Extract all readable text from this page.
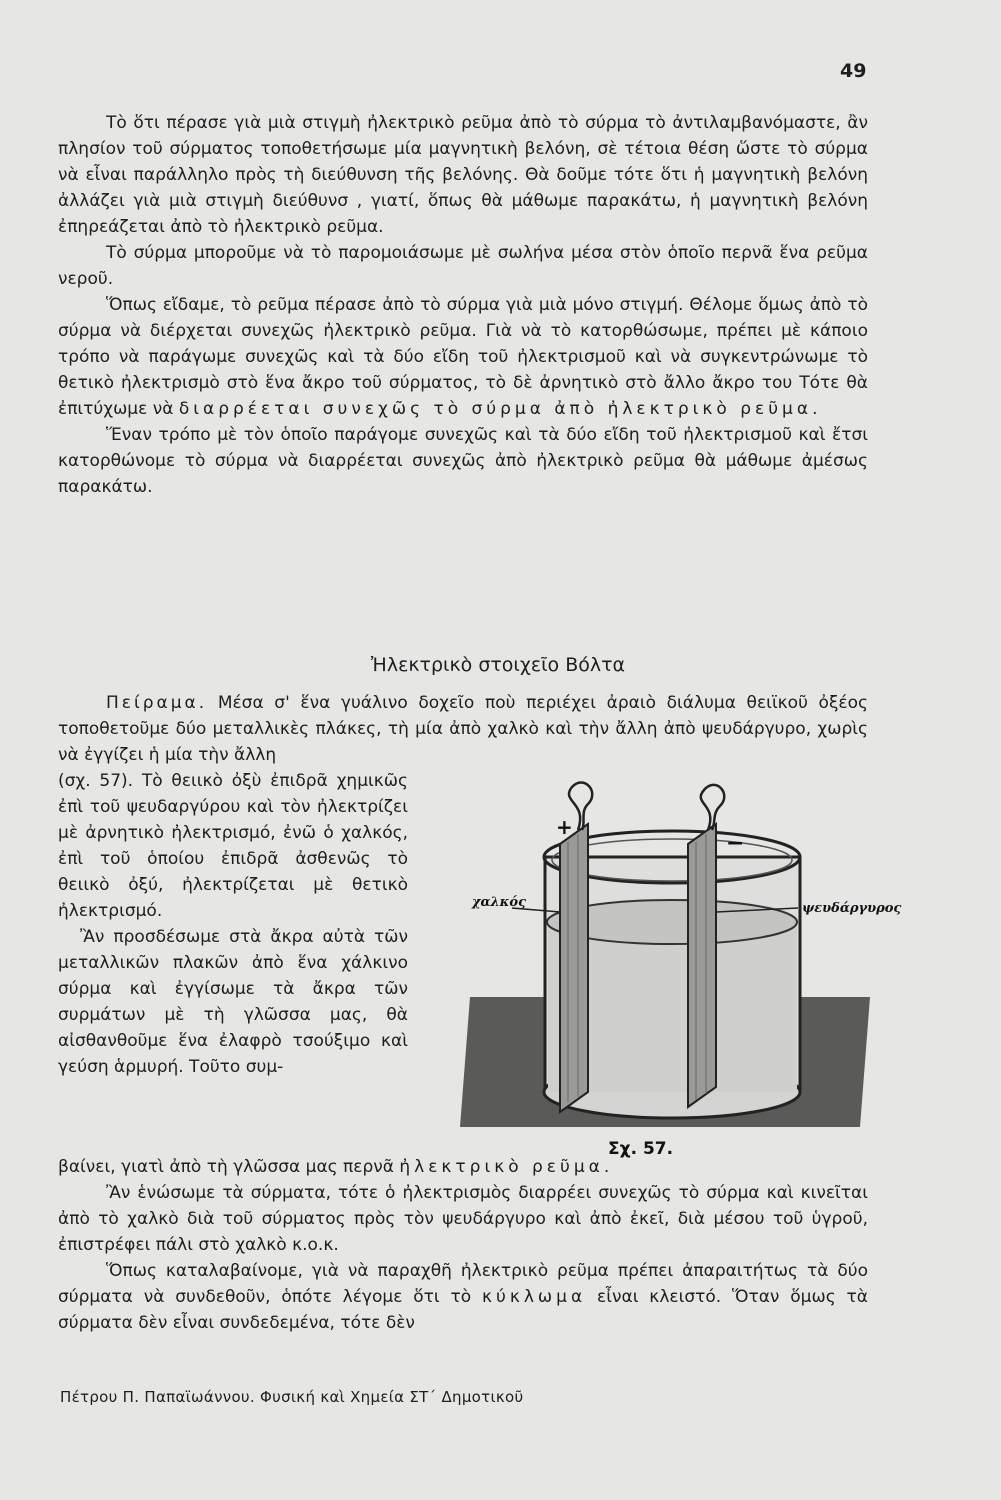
49

Τὸ ὅτι πέρασε γιὰ μιὰ στιγμὴ ἠλεκτρικὸ ρεῦμα ἀπὸ τὸ σύρμα τὸ ἀντιλαμβανόμαστε, ἂν πλησίον τοῦ σύρματος τοποθετήσωμε μία μαγνητικὴ βελόνη, σὲ τέτοια θέση ὥστε τὸ σύρμα νὰ εἶναι παράλληλο πρὸς τὴ διεύθυνση τῆς βελόνης. Θὰ δοῦμε τότε ὅτι ἡ μαγνητικὴ βελόνη ἀλλάζει γιὰ μιὰ στιγμὴ διεύθυνσ , γιατί, ὅπως θὰ μάθωμε παρακάτω, ἡ μαγνητικὴ βελόνη ἐπηρεάζεται ἀπὸ τὸ ἠλεκτρικὸ ρεῦμα.

Τὸ σύρμα μποροῦμε νὰ τὸ παρομοιάσωμε μὲ σωλήνα μέσα στὸν ὁποῖο περνᾶ ἕνα ρεῦμα νεροῦ.

Ὅπως εἴδαμε, τὸ ρεῦμα πέρασε ἀπὸ τὸ σύρμα γιὰ μιὰ μόνο στιγμή. Θέλομε ὅμως ἀπὸ τὸ σύρμα νὰ διέρχεται συνεχῶς ἠλεκτρικὸ ρεῦμα. Γιὰ νὰ τὸ κατορθώσωμε, πρέπει μὲ κάποιο τρόπο νὰ παράγωμε συνεχῶς καὶ τὰ δύο εἴδη τοῦ ἠλεκτρισμοῦ καὶ νὰ συγκεντρώνωμε τὸ θετικὸ ἠλεκτρισμὸ στὸ ἕνα ἄκρο τοῦ σύρματος, τὸ δὲ ἀρνητικὸ στὸ ἄλλο ἄκρο του Τότε θὰ ἐπιτύχωμε νὰ διαρρέεται συνεχῶς τὸ σύρμα ἀπὸ ἠλεκτρικὸ ρεῦμα.

Ἕναν τρόπο μὲ τὸν ὁποῖο παράγομε συνεχῶς καὶ τὰ δύο εἴδη τοῦ ἠλεκτρισμοῦ καὶ ἔτσι κατορθώνομε τὸ σύρμα νὰ διαρρέεται συνεχῶς ἀπὸ ἠλεκτρικὸ ρεῦμα θὰ μάθωμε ἀμέσως παρακάτω.

Ἠλεκτρικὸ στοιχεῖο Βόλτα

Πείραμα. Μέσα σ' ἕνα γυάλινο δοχεῖο ποὺ περιέχει ἀραιὸ διάλυμα θειϊκοῦ ὀξέος τοποθετοῦμε δύο μεταλλικὲς πλάκες, τὴ μία ἀπὸ χαλκὸ καὶ τὴν ἄλλη ἀπὸ ψευδάργυρο, χωρὶς νὰ ἐγγίζει ἡ μία τὴν ἄλλη

(σχ. 57). Τὸ θειικὸ ὀξὺ ἐπιδρᾶ χημικῶς ἐπὶ τοῦ ψευδαργύρου καὶ τὸν ἠλεκτρίζει μὲ ἀρνητικὸ ἠλεκτρισμό, ἐνῶ ὁ χαλκός, ἐπὶ τοῦ ὁποίου ἐπιδρᾶ ἀσθενῶς τὸ θειικὸ ὀξύ, ἠλεκτρίζεται μὲ θετικὸ ἠλεκτρισμό.

Ἂν προσδέσωμε στὰ ἄκρα αὐτὰ τῶν μεταλλικῶν πλακῶν ἀπὸ ἕνα χάλκινο σύρμα καὶ ἐγγίσωμε τὰ ἄκρα τῶν συρμάτων μὲ τὴ γλῶσσα μας, θὰ αἰσθανθοῦμε ἕνα ἐλαφρὸ τσούξιμο καὶ γεύση ἁρμυρή. Τοῦτο συμ-

+
−
χαλκός	ψευδάργυρος
Σχ. 57.

βαίνει, γιατὶ ἀπὸ τὴ γλῶσσα μας περνᾶ ἠλεκτρικὸ ρεῦμα.

Ἂν ἑνώσωμε τὰ σύρματα, τότε ὁ ἠλεκτρισμὸς διαρρέει συνεχῶς τὸ σύρμα καὶ κινεῖται ἀπὸ τὸ χαλκὸ διὰ τοῦ σύρματος πρὸς τὸν ψευδάργυρο καὶ ἀπὸ ἐκεῖ, διὰ μέσου τοῦ ὑγροῦ, ἐπιστρέφει πάλι στὸ χαλκὸ κ.ο.κ.

Ὅπως καταλαβαίνομε, γιὰ νὰ παραχθῆ ἠλεκτρικὸ ρεῦμα πρέπει ἀπαραιτήτως τὰ δύο σύρματα νὰ συνδεθοῦν, ὁπότε λέγομε ὅτι τὸ κύκλωμα εἶναι κλειστό. Ὅταν ὅμως τὰ σύρματα δὲν εἶναι συνδεδεμένα, τότε δὲν

Πέτρου Π. Παπαϊωάννου. Φυσική καὶ Χημεία ΣΤ΄ Δημοτικοῦ
